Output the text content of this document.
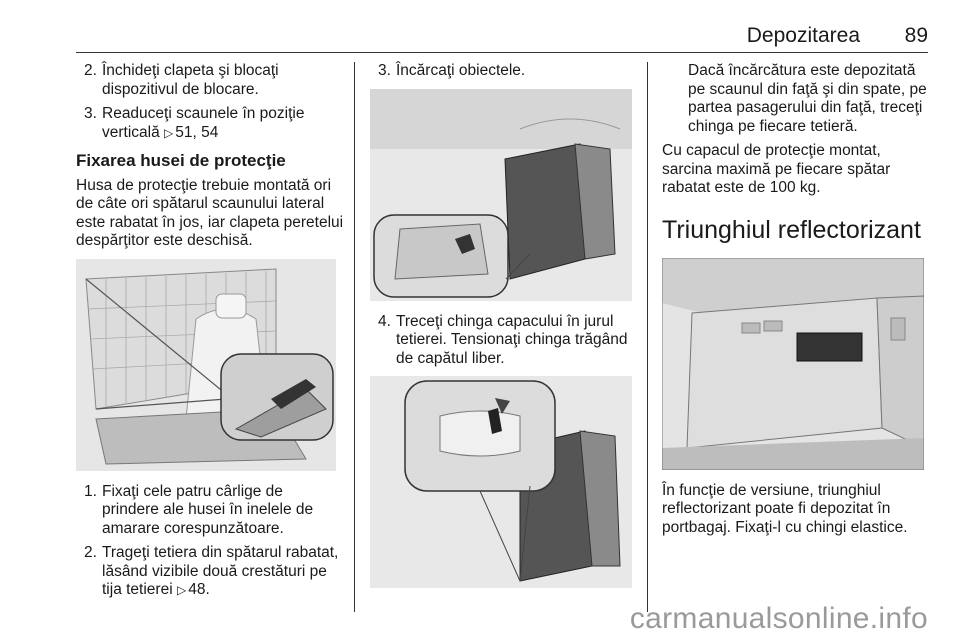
Depozitarea 89
2. Închideţi clapeta şi blocaţi dispozitivul de blocare.
3. Readuceţi scaunele în poziţie verticală ▷ 51, 54
Fixarea husei de protecţie
Husa de protecţie trebuie montată ori de câte ori spătarul scaunului lateral este rabatat în jos, iar clapeta peretelui despărţitor este deschisă.
1. Fixaţi cele patru cârlige de prindere ale husei în inelele de amarare corespunzătoare.
2. Trageţi tetiera din spătarul rabatat, lăsând vizibile două crestături pe tija tetierei ▷ 48.
3. Încărcaţi obiectele.
4. Treceţi chinga capacului în jurul tetierei. Tensionaţi chinga trăgând de capătul liber.
Dacă încărcătura este depozitată pe scaunul din faţă şi din spate, pe partea pasagerului din faţă, treceţi chinga pe fiecare tetieră.
Cu capacul de protecţie montat, sarcina maximă pe fiecare spătar rabatat este de 100 kg.
Triunghiul reflectorizant
În funcţie de versiune, triunghiul reflectorizant poate fi depozitat în portbagaj. Fixaţi-l cu chingi elastice.
carmanualsonline.info
